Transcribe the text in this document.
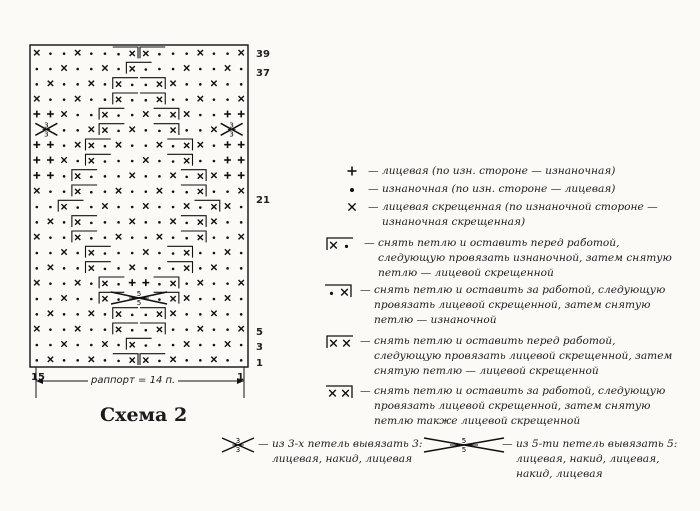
3
3
3
3
5
5
3
3
5
5
39
37
21
5
3
1
15	1
раппорт = 14 п.
Схема 2
— лицевая (по изн. стороне — изнаночная)
— изнаночная (по изн. стороне — лицевая)
— лицевая скрещенная (по изнаночной стороне —
изнаночная скрещенная)
— снять петлю и оставить перед работой,
следующую провязать изнаночной, затем снятую
петлю — лицевой скрещенной
— снять петлю и оставить за работой, следующую
провязать лицевой скрещенной, затем снятую
петлю — изнаночной
— снять петлю и оставить перед работой,
следующую провязать лицевой скрещенной, затем
снятую петлю — лицевой скрещенной
— снять петлю и оставить за работой, следующую
провязать лицевой скрещенной, затем снятую
петлю также лицевой скрещенной
— из 3-х петель вывязать 3:
лицевая, накид, лицевая
— из 5-ти петель вывязать 5:
лицевая, накид, лицевая,
накид, лицевая
